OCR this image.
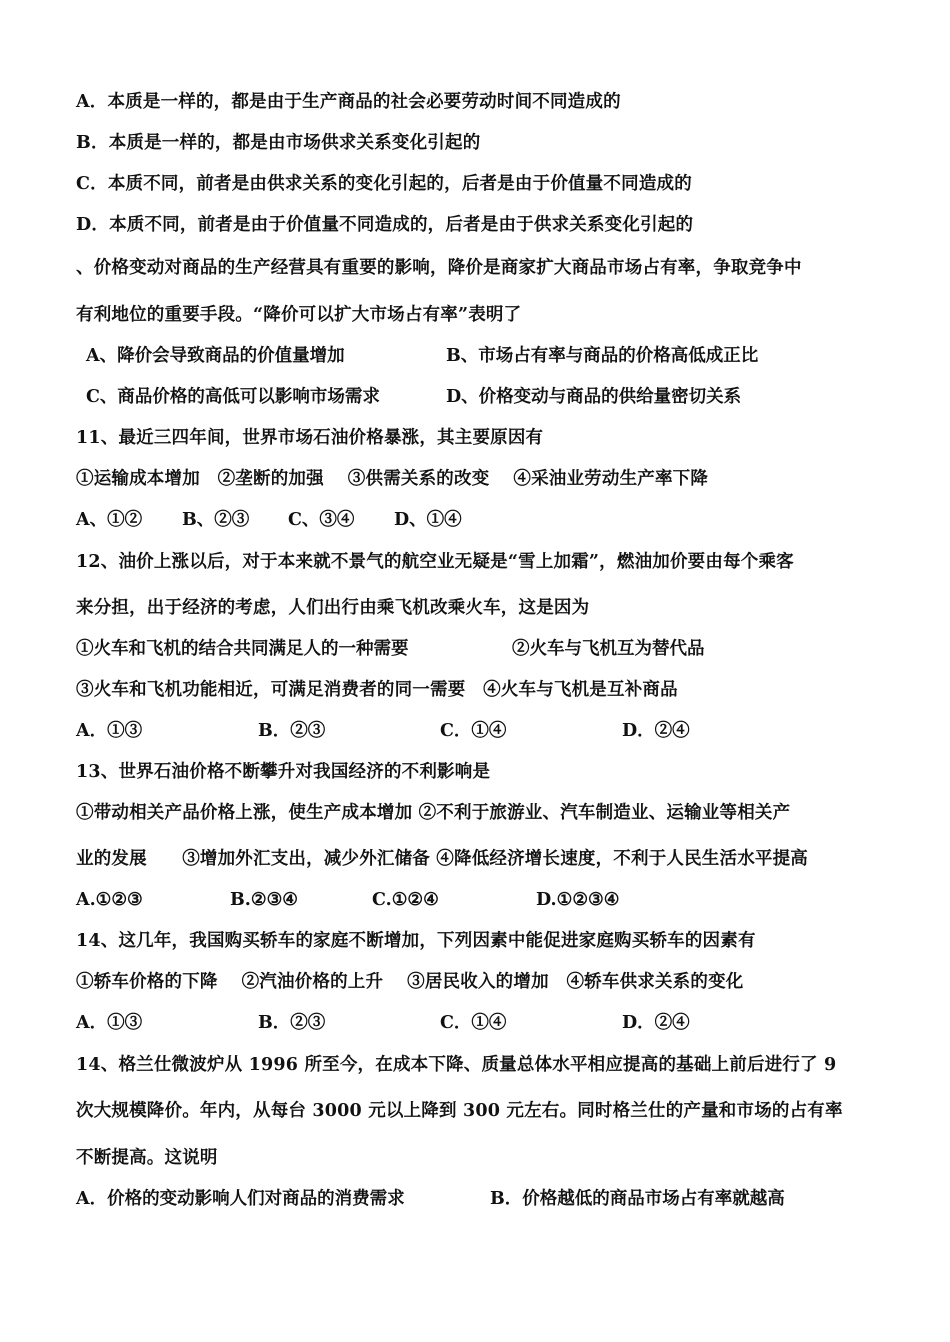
A．本质是一样的，都是由于生产商品的社会必要劳动时间不同造成的
B．本质是一样的，都是由市场供求关系变化引起的
C．本质不同，前者是由供求关系的变化引起的，后者是由于价值量不同造成的
D．本质不同，前者是由于价值量不同造成的，后者是由于供求关系变化引起的
、价格变动对商品的生产经营具有重要的影响，降价是商家扩大商品市场占有率，争取竞争中
有利地位的重要手段。“降价可以扩大市场占有率”表明了
A、降价会导致商品的价值量增加	B、市场占有率与商品的价格高低成正比
C、商品价格的高低可以影响市场需求	D、价格变动与商品的供给量密切关系
11、最近三四年间，世界市场石油价格暴涨，其主要原因有
①运输成本增加　②垄断的加强　 ③供需关系的改变　 ④采油业劳动生产率下降
A、①② B、②③ C、③④ D、①④
12、油价上涨以后，对于本来就不景气的航空业无疑是“雪上加霜”，燃油加价要由每个乘客
来分担，出于经济的考虑，人们出行由乘飞机改乘火车，这是因为
①火车和飞机的结合共同满足人的一种需要	②火车与飞机互为替代品
③火车和飞机功能相近，可满足消费者的同一需要　④火车与飞机是互补商品
A．①③	B．②③	C．①④	D．②④
13、世界石油价格不断攀升对我国经济的不利影响是
①带动相关产品价格上涨，使生产成本增加 ②不利于旅游业、汽车制造业、运输业等相关产
业的发展　　③增加外汇支出，减少外汇储备 ④降低经济增长速度，不利于人民生活水平提高
A.①②③	B.②③④	C.①②④	D.①②③④
14、这几年，我国购买轿车的家庭不断增加，下列因素中能促进家庭购买轿车的因素有
①轿车价格的下降　 ②汽油价格的上升　 ③居民收入的增加　④轿车供求关系的变化
A．①③	B．②③	C．①④	D．②④
14、格兰仕微波炉从 1996 所至今，在成本下降、质量总体水平相应提高的基础上前后进行了 9
次大规模降价。年内，从每台 3000 元以上降到 300 元左右。同时格兰仕的产量和市场的占有率
不断提高。这说明
A．价格的变动影响人们对商品的消费需求	B．价格越低的商品市场占有率就越高
